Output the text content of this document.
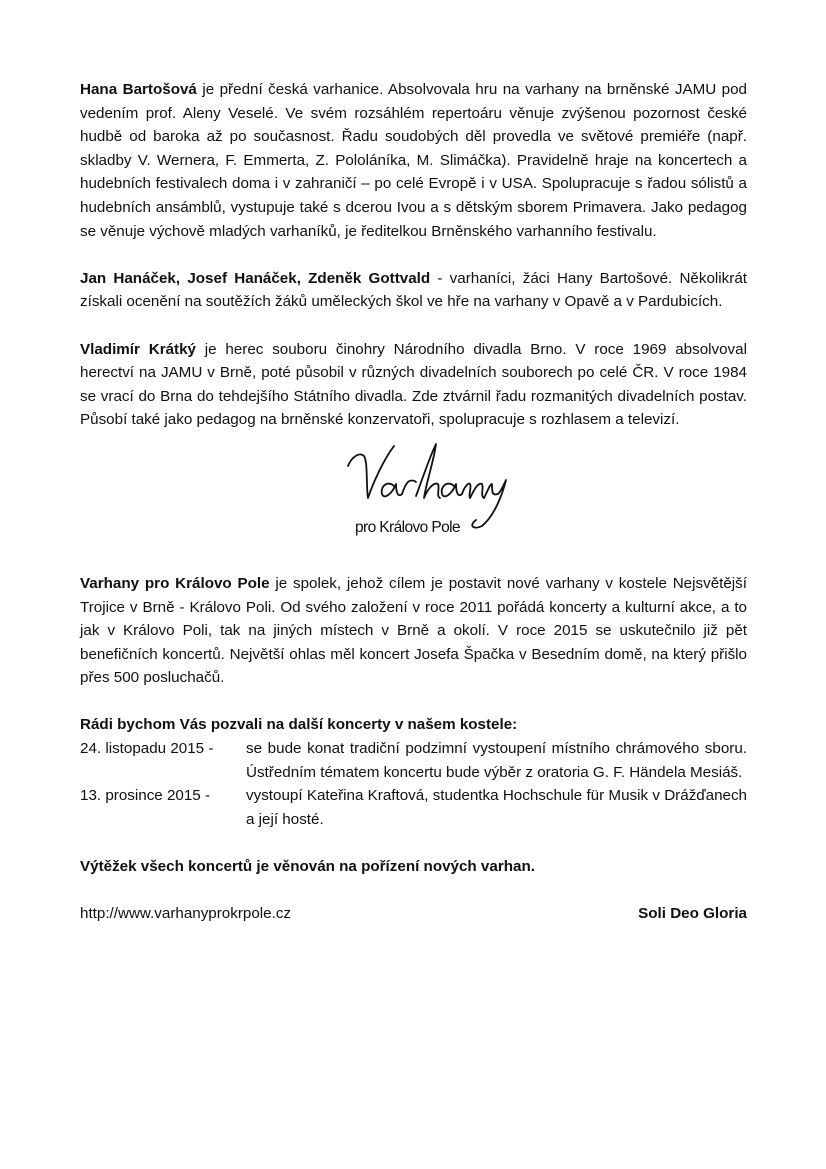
Hana Bartošová je přední česká varhanice. Absolvovala hru na varhany na brněnské JAMU pod vedením prof. Aleny Veselé. Ve svém rozsáhlém repertoáru věnuje zvýšenou pozornost české hudbě od baroka až po současnost. Řadu soudobých děl provedla ve světové premiéře (např. skladby V. Wernera, F. Emmerta, Z. Pololáníka, M. Slimáčka). Pravidelně hraje na koncertech a hudebních festivalech doma i v zahraničí – po celé Evropě i v USA. Spolupracuje s řadou sólistů a hudebních ansámblů, vystupuje také s dcerou Ivou a s dětským sborem Primavera. Jako pedagog se věnuje výchově mladých varhaníků, je ředitelkou Brněnského varhanního festivalu.

Jan Hanáček, Josef Hanáček, Zdeněk Gottvald - varhaníci, žáci Hany Bartošové. Několikrát získali ocenění na soutěžích žáků uměleckých škol ve hře na varhany v Opavě a v Pardubicích.

Vladimír Krátký je herec souboru činohry Národního divadla Brno. V roce 1969 absolvoval herectví na JAMU v Brně, poté působil v různých divadelních souborech po celé ČR. V roce 1984 se vrací do Brna do tehdejšího Státního divadla. Zde ztvárnil řadu rozmanitých divadelních postav. Působí také jako pedagog na brněnské konzervatoři, spolupracuje s rozhlasem a televizí.

pro Královo Pole

Varhany pro Královo Pole je spolek, jehož cílem je postavit nové varhany v kostele Nejsvětější Trojice v Brně - Královo Poli. Od svého založení v roce 2011 pořádá koncerty a kulturní akce, a to jak v Královo Poli, tak na jiných místech v Brně a okolí. V roce 2015 se uskutečnilo již pět benefičních koncertů. Největší ohlas měl koncert Josefa Špačka v Besedním domě, na který přišlo přes 500 posluchačů.

Rádi bychom Vás pozvali na další koncerty v našem kostele:

24. listopadu 2015 -	se bude konat tradiční podzimní vystoupení místního chrámového sboru. Ústředním tématem koncertu bude výběr z oratoria G. F. Händela Mesiáš.
13. prosince 2015 -	vystoupí Kateřina Kraftová, studentka Hochschule für Musik v Drážďanech a její hosté.

Výtěžek všech koncertů je věnován na pořízení nových varhan.

http://www.varhanyprokrpole.cz	Soli Deo Gloria
